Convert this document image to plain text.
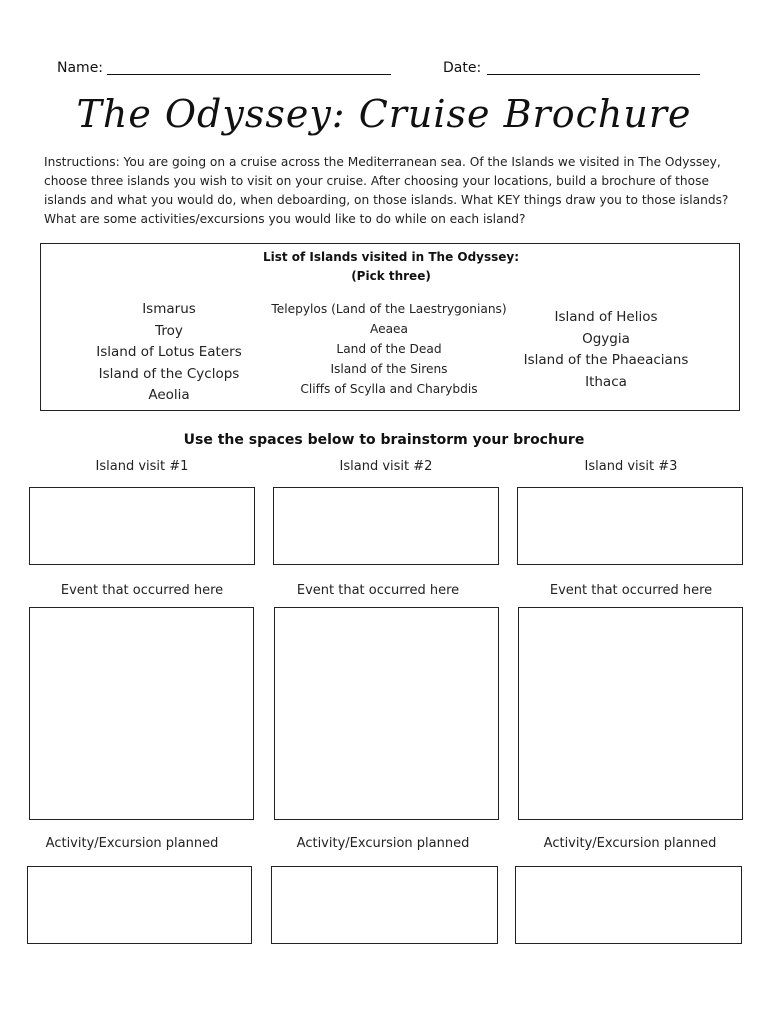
Name:	Date:
The Odyssey: Cruise Brochure
Instructions: You are going on a cruise across the Mediterranean sea. Of the Islands we visited in The Odyssey, choose three islands you wish to visit on your cruise. After choosing your locations, build a brochure of those islands and what you would do, when deboarding, on those islands. What KEY things draw you to those islands? What are some activities/excursions you would like to do while on each island?
List of Islands visited in The Odyssey:
(Pick three)
Ismarus
Troy
Island of Lotus Eaters
Island of the Cyclops
Aeolia
Telepylos (Land of the Laestrygonians)
Aeaea
Land of the Dead
Island of the Sirens
Cliffs of Scylla and Charybdis
Island of Helios
Ogygia
Island of the Phaeacians
Ithaca
Use the spaces below to brainstorm your brochure
Island visit #1	Island visit #2	Island visit #3
Event that occurred here	Event that occurred here	Event that occurred here
Activity/Excursion planned	Activity/Excursion planned	Activity/Excursion planned
